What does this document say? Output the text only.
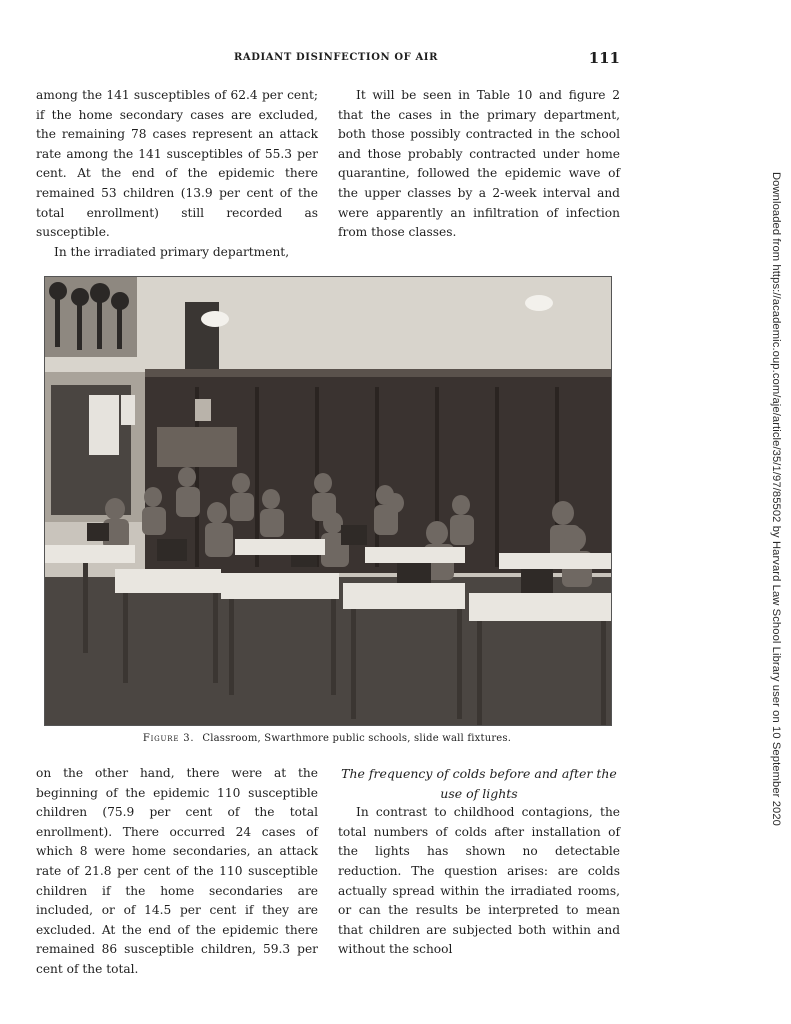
RADIANT DISINFECTION OF AIR	111

among the 141 susceptibles of 62.4 per cent; if the home secondary cases are excluded, the remaining 78 cases represent an attack rate among the 141 susceptibles of 55.3 per cent. At the end of the epidemic there remained 53 children (13.9 per cent of the total enrollment) still recorded as susceptible.

In the irradiated primary department,

It will be seen in Table 10 and figure 2 that the cases in the primary department, both those possibly contracted in the school and those probably contracted under home quarantine, followed the epidemic wave of the upper classes by a 2-week interval and were apparently an infiltration of infection from those classes.

Figure 3. Classroom, Swarthmore public schools, slide wall fixtures.

on the other hand, there were at the beginning of the epidemic 110 susceptible children (75.9 per cent of the total enrollment). There occurred 24 cases of which 8 were home secondaries, an attack rate of 21.8 per cent of the 110 susceptible children if the home secondaries are included, or of 14.5 per cent if they are excluded. At the end of the epidemic there remained 86 susceptible children, 59.3 per cent of the total.

The frequency of colds before and after the use of lights

In contrast to childhood contagions, the total numbers of colds after installation of the lights has shown no detectable reduction. The question arises: are colds actually spread within the irradiated rooms, or can the results be interpreted to mean that children are subjected both within and without the school

Downloaded from https://academic.oup.com/aje/article/35/1/97/85502 by Harvard Law School Library user on 10 September 2020
